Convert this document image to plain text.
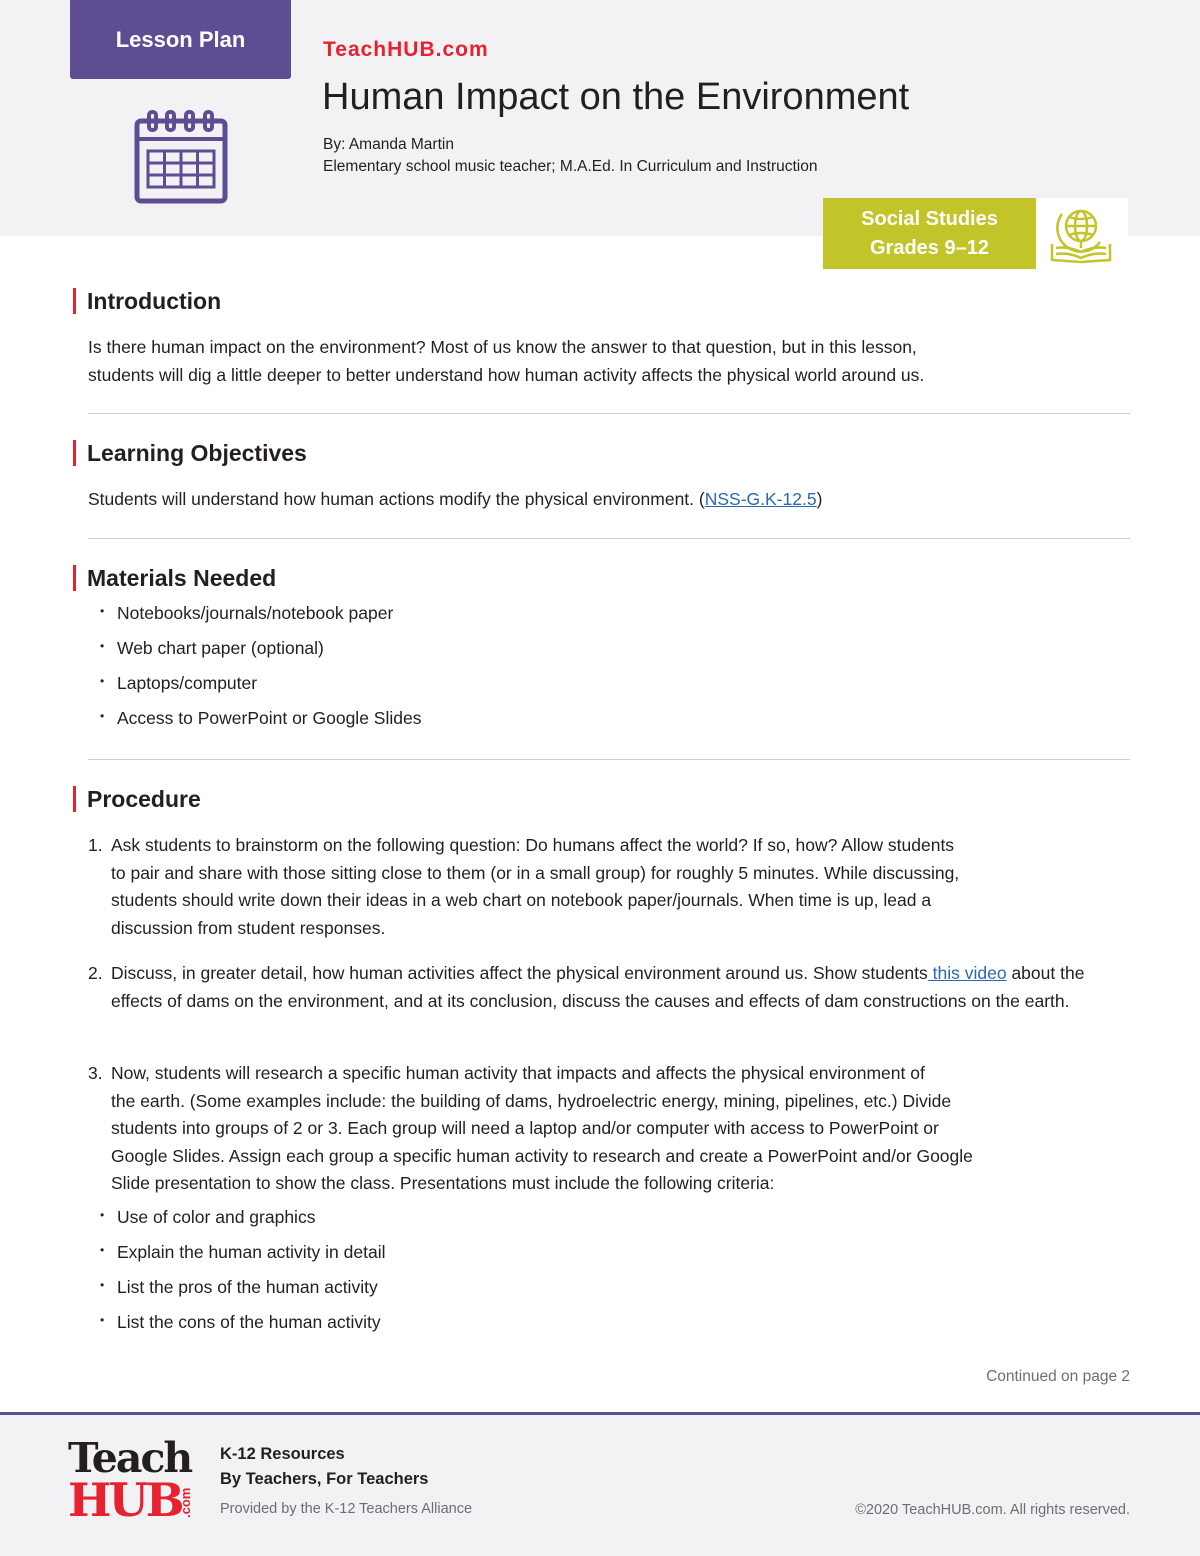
Lesson Plan	TeachHUB.com
Human Impact on the Environment
By: Amanda Martin
Elementary school music teacher; M.A.Ed. In Curriculum and Instruction
Social Studies
Grades 9–12
Introduction

Is there human impact on the environment? Most of us know the answer to that question, but in this lesson,
students will dig a little deeper to better understand how human activity affects the physical world around us.

Learning Objectives

Students will understand how human actions modify the physical environment. (NSS-G.K-12.5)

Materials Needed
• Notebooks/journals/notebook paper
• Web chart paper (optional)
• Laptops/computer
• Access to PowerPoint or Google Slides
Procedure
1. Ask students to brainstorm on the following question: Do humans affect the world? If so, how? Allow students
to pair and share with those sitting close to them (or in a small group) for roughly 5 minutes. While discussing,
students should write down their ideas in a web chart on notebook paper/journals. When time is up, lead a
discussion from student responses.
2. Discuss, in greater detail, how human activities affect the physical environment around us. Show students this video about the effects of dams on the environment, and at its conclusion, discuss the causes and effects of dam constructions on the earth.
3. Now, students will research a specific human activity that impacts and affects the physical environment of
the earth. (Some examples include: the building of dams, hydroelectric energy, mining, pipelines, etc.) Divide
students into groups of 2 or 3. Each group will need a laptop and/or computer with access to PowerPoint or
Google Slides. Assign each group a specific human activity to research and create a PowerPoint and/or Google
Slide presentation to show the class. Presentations must include the following criteria:
• Use of color and graphics
• Explain the human activity in detail
• List the pros of the human activity
• List the cons of the human activity
Continued on page 2
Teach
HUB
.com
K-12 Resources
By Teachers, For Teachers
Provided by the K-12 Teachers Alliance	©2020 TeachHUB.com. All rights reserved.
